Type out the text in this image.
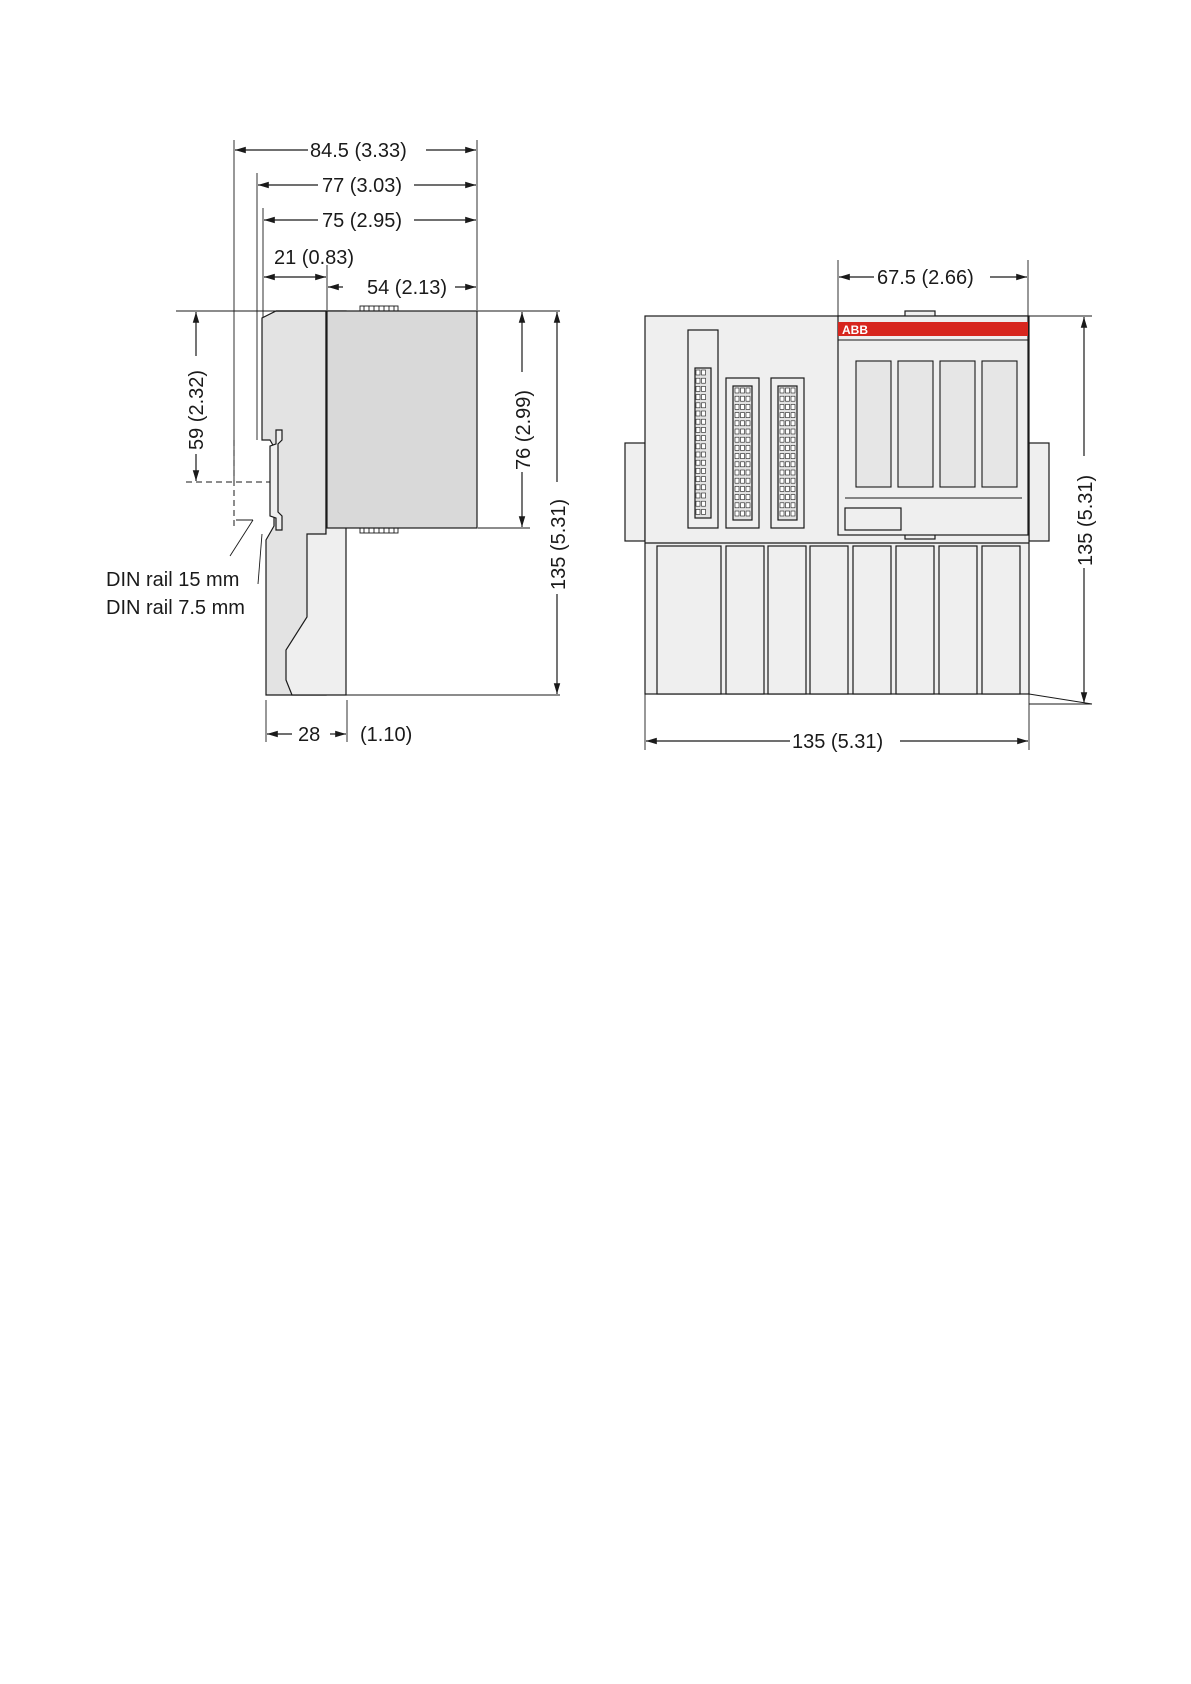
84.5 (3.33)
77 (3.03)
75 (2.95)
21 (0.83)
54 (2.13)
59 (2.32)	76 (2.99)
135 (5.31)
28 (1.10)
DIN rail 15 mm
DIN rail 7.5 mm
ABB
67.5 (2.66)
135 (5.31)
135 (5.31)
